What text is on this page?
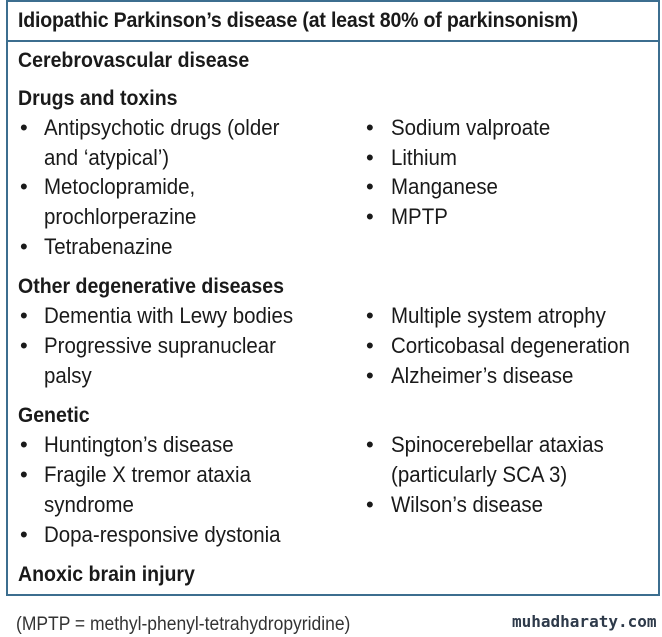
Idiopathic Parkinson’s disease (at least 80% of parkinsonism)
Cerebrovascular disease
Drugs and toxins
• Antipsychotic drugs (older
and ‘atypical’)
• Metoclopramide,
prochlorperazine
• Tetrabenazine
• Sodium valproate
• Lithium
• Manganese
• MPTP
Other degenerative diseases
• Dementia with Lewy bodies
• Progressive supranuclear
palsy
• Multiple system atrophy
• Corticobasal degeneration
• Alzheimer’s disease
Genetic
• Huntington’s disease
• Fragile X tremor ataxia
syndrome
• Dopa-responsive dystonia
• Spinocerebellar ataxias
(particularly SCA 3)
• Wilson’s disease
Anoxic brain injury
(MPTP = methyl-phenyl-tetrahydropyridine)	muhadharaty.com
